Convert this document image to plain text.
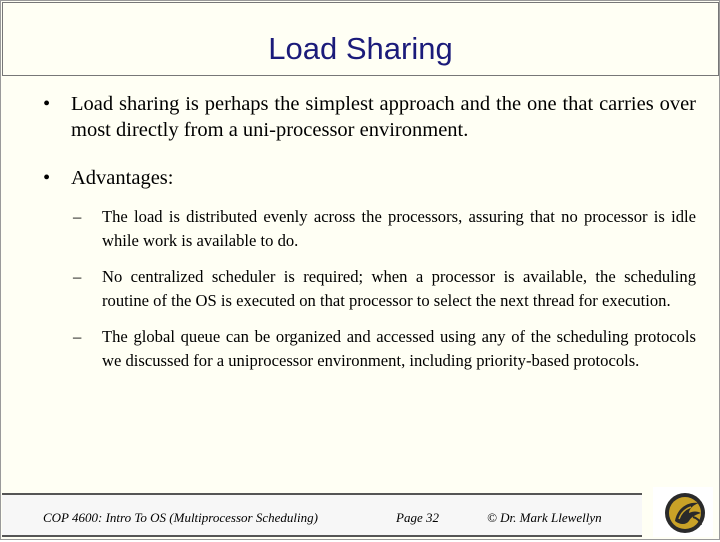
Load Sharing
• Load sharing is perhaps the simplest approach and the one that carries over most directly from a uni-processor environment.
• Advantages:
– The load is distributed evenly across the processors, assuring that no processor is idle while work is available to do.
– No centralized scheduler is required; when a processor is available, the scheduling routine of the OS is executed on that processor to select the next thread for execution.
– The global queue can be organized and accessed using any of the scheduling protocols we discussed for a uniprocessor environment, including priority-based protocols.
COP 4600: Intro To OS (Multiprocessor Scheduling)	Page 32	© Dr. Mark Llewellyn
